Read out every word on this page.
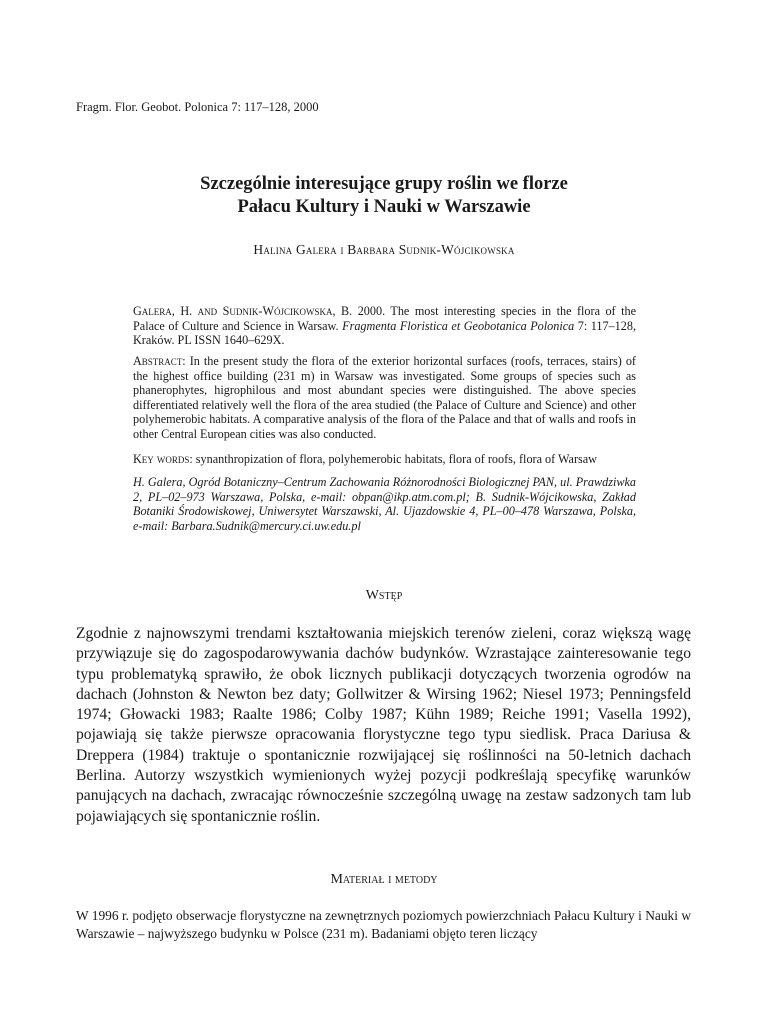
Fragm. Flor. Geobot. Polonica 7: 117–128, 2000
Szczególnie interesujące grupy roślin we florze
Pałacu Kultury i Nauki w Warszawie
Halina Galera i Barbara Sudnik-Wójcikowska
Galera, H. and Sudnik-Wójcikowska, B. 2000. The most interesting species in the flora of the Palace of Culture and Science in Warsaw. Fragmenta Floristica et Geobotanica Polonica 7: 117–128, Kraków. PL ISSN 1640–629X.
Abstract: In the present study the flora of the exterior horizontal surfaces (roofs, terraces, stairs) of the highest office building (231 m) in Warsaw was investigated. Some groups of species such as phanerophytes, higrophilous and most abundant species were distinguished. The above species differentiated relatively well the flora of the area studied (the Palace of Culture and Science) and other polyhemerobic habitats. A comparative analysis of the flora of the Palace and that of walls and roofs in other Central European cities was also conducted.
Key words: synanthropization of flora, polyhemerobic habitats, flora of roofs, flora of Warsaw
H. Galera, Ogród Botaniczny–Centrum Zachowania Różnorodności Biologicznej PAN, ul. Prawdziwka 2, PL–02–973 Warszawa, Polska, e-mail: obpan@ikp.atm.com.pl; B. Sudnik-Wójcikowska, Zakład Botaniki Środowiskowej, Uniwersytet Warszawski, Al. Ujazdowskie 4, PL–00–478 Warszawa, Polska, e-mail: Barbara.Sudnik@mercury.ci.uw.edu.pl
Wstęp
Zgodnie z najnowszymi trendami kształtowania miejskich terenów zieleni, coraz większą wagę przywiązuje się do zagospodarowywania dachów budynków. Wzrastające zainteresowanie tego typu problematyką sprawiło, że obok licznych publikacji dotyczących tworzenia ogrodów na dachach (Johnston & Newton bez daty; Gollwitzer & Wirsing 1962; Niesel 1973; Penningsfeld 1974; Głowacki 1983; Raalte 1986; Colby 1987; Kühn 1989; Reiche 1991; Vasella 1992), pojawiają się także pierwsze opracowania florystyczne tego typu siedlisk. Praca Dariusa & Dreppera (1984) traktuje o spontanicznie rozwijającej się roślinności na 50-letnich dachach Berlina. Autorzy wszystkich wymienionych wyżej pozycji podkreślają specyfikę warunków panujących na dachach, zwracając równocześnie szczególną uwagę na zestaw sadzonych tam lub pojawiających się spontanicznie roślin.
Materiał i metody
W 1996 r. podjęto obserwacje florystyczne na zewnętrznych poziomych powierzchniach Pałacu Kultury i Nauki w Warszawie – najwyższego budynku w Polsce (231 m). Badaniami objęto teren liczący
